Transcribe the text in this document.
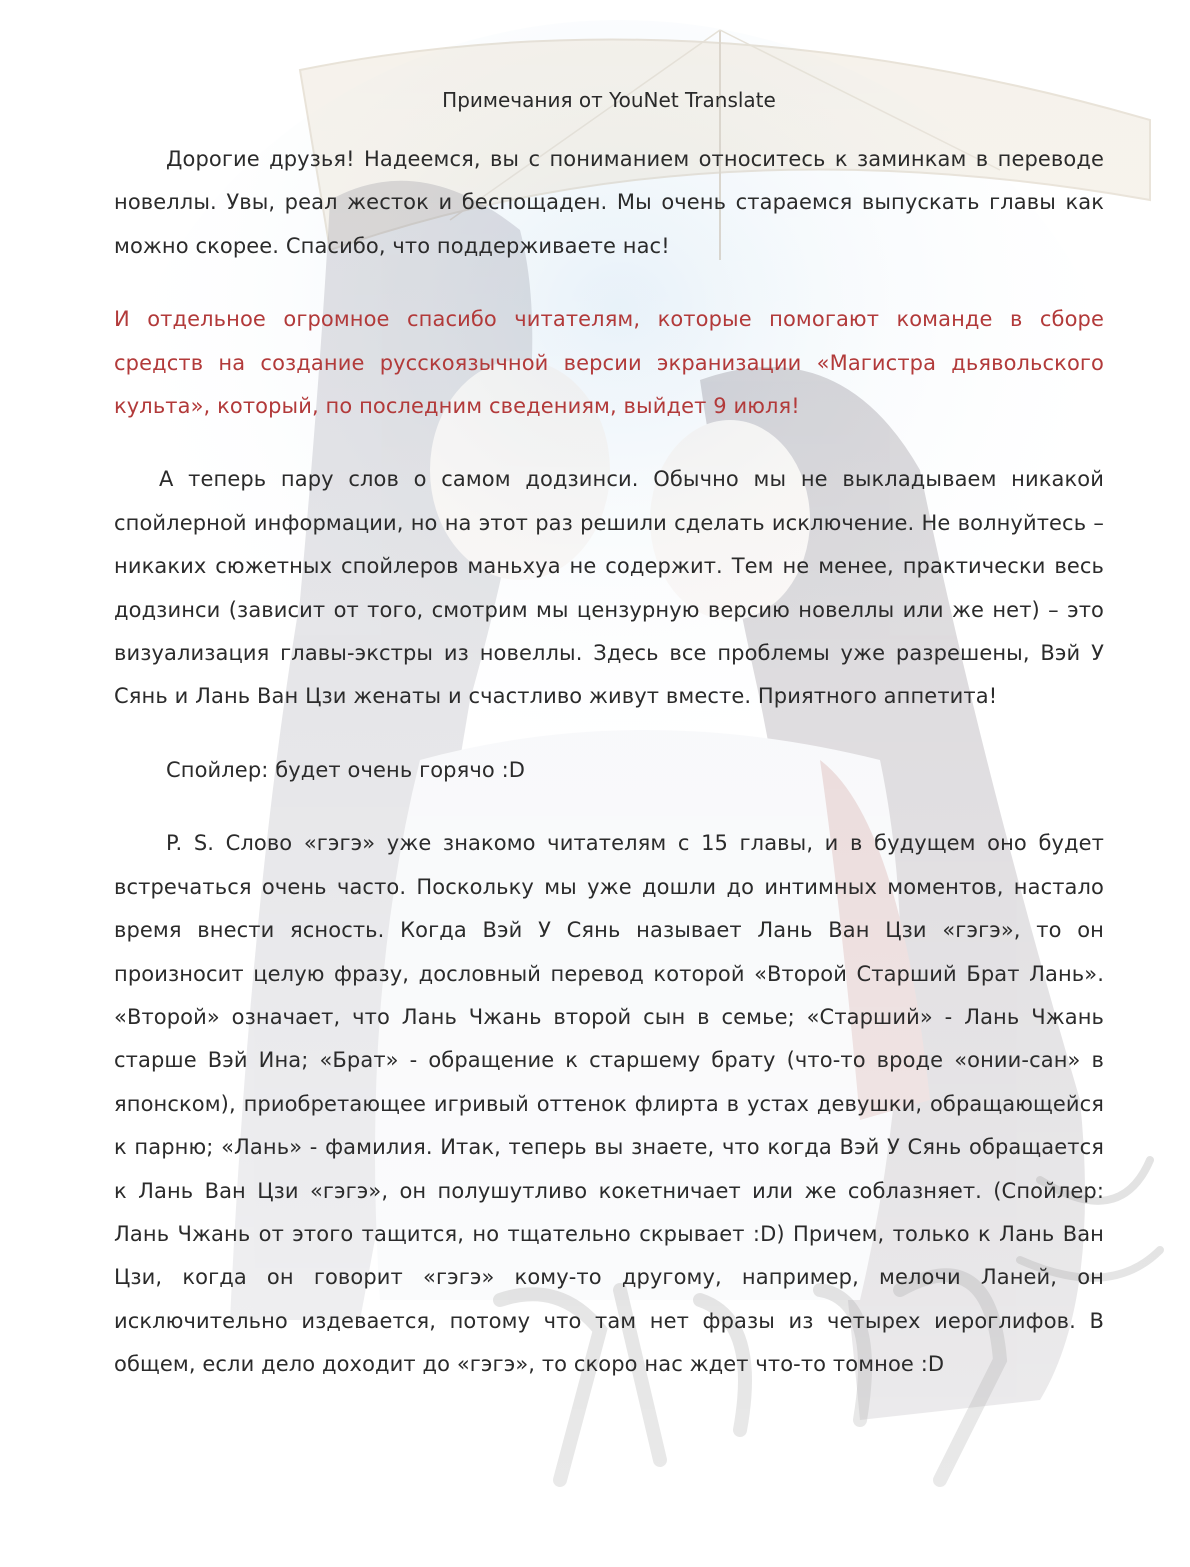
Примечания от YouNet Translate

Дорогие друзья! Надеемся, вы с пониманием относитесь к заминкам в переводе новеллы. Увы, реал жесток и беспощаден. Мы очень стараемся выпускать главы как можно скорее. Спасибо, что поддерживаете нас!

И отдельное огромное спасибо читателям, которые помогают команде в сборе средств на создание русскоязычной версии экранизации «Магистра дьявольского культа», который, по последним сведениям, выйдет 9 июля!

А теперь пару слов о самом додзинси. Обычно мы не выкладываем никакой спойлерной информации, но на этот раз решили сделать исключение. Не волнуйтесь – никаких сюжетных спойлеров маньхуа не содержит. Тем не менее, практически весь додзинси (зависит от того, смотрим мы цензурную версию новеллы или же нет) – это визуализация главы-экстры из новеллы. Здесь все проблемы уже разрешены, Вэй У Сянь и Лань Ван Цзи женаты и счастливо живут вместе. Приятного аппетита!

Спойлер: будет очень горячо :D

P. S. Слово «гэгэ» уже знакомо читателям с 15 главы, и в будущем оно будет встречаться очень часто. Поскольку мы уже дошли до интимных моментов, настало время внести ясность. Когда Вэй У Сянь называет Лань Ван Цзи «гэгэ», то он произносит целую фразу, дословный перевод которой «Второй Старший Брат Лань». «Второй» означает, что Лань Чжань второй сын в семье; «Старший» - Лань Чжань старше Вэй Ина; «Брат» - обращение к старшему брату (что-то вроде «онии-сан» в японском), приобретающее игривый оттенок флирта в устах девушки, обращающейся к парню; «Лань» - фамилия. Итак, теперь вы знаете, что когда Вэй У Сянь обращается к Лань Ван Цзи «гэгэ», он полушутливо кокетничает или же соблазняет. (Спойлер: Лань Чжань от этого тащится, но тщательно скрывает :D) Причем, только к Лань Ван Цзи, когда он говорит «гэгэ» кому-то другому, например, мелочи Ланей, он исключительно издевается, потому что там нет фразы из четырех иероглифов. В общем, если дело доходит до «гэгэ», то скоро нас ждет что-то томное :D
